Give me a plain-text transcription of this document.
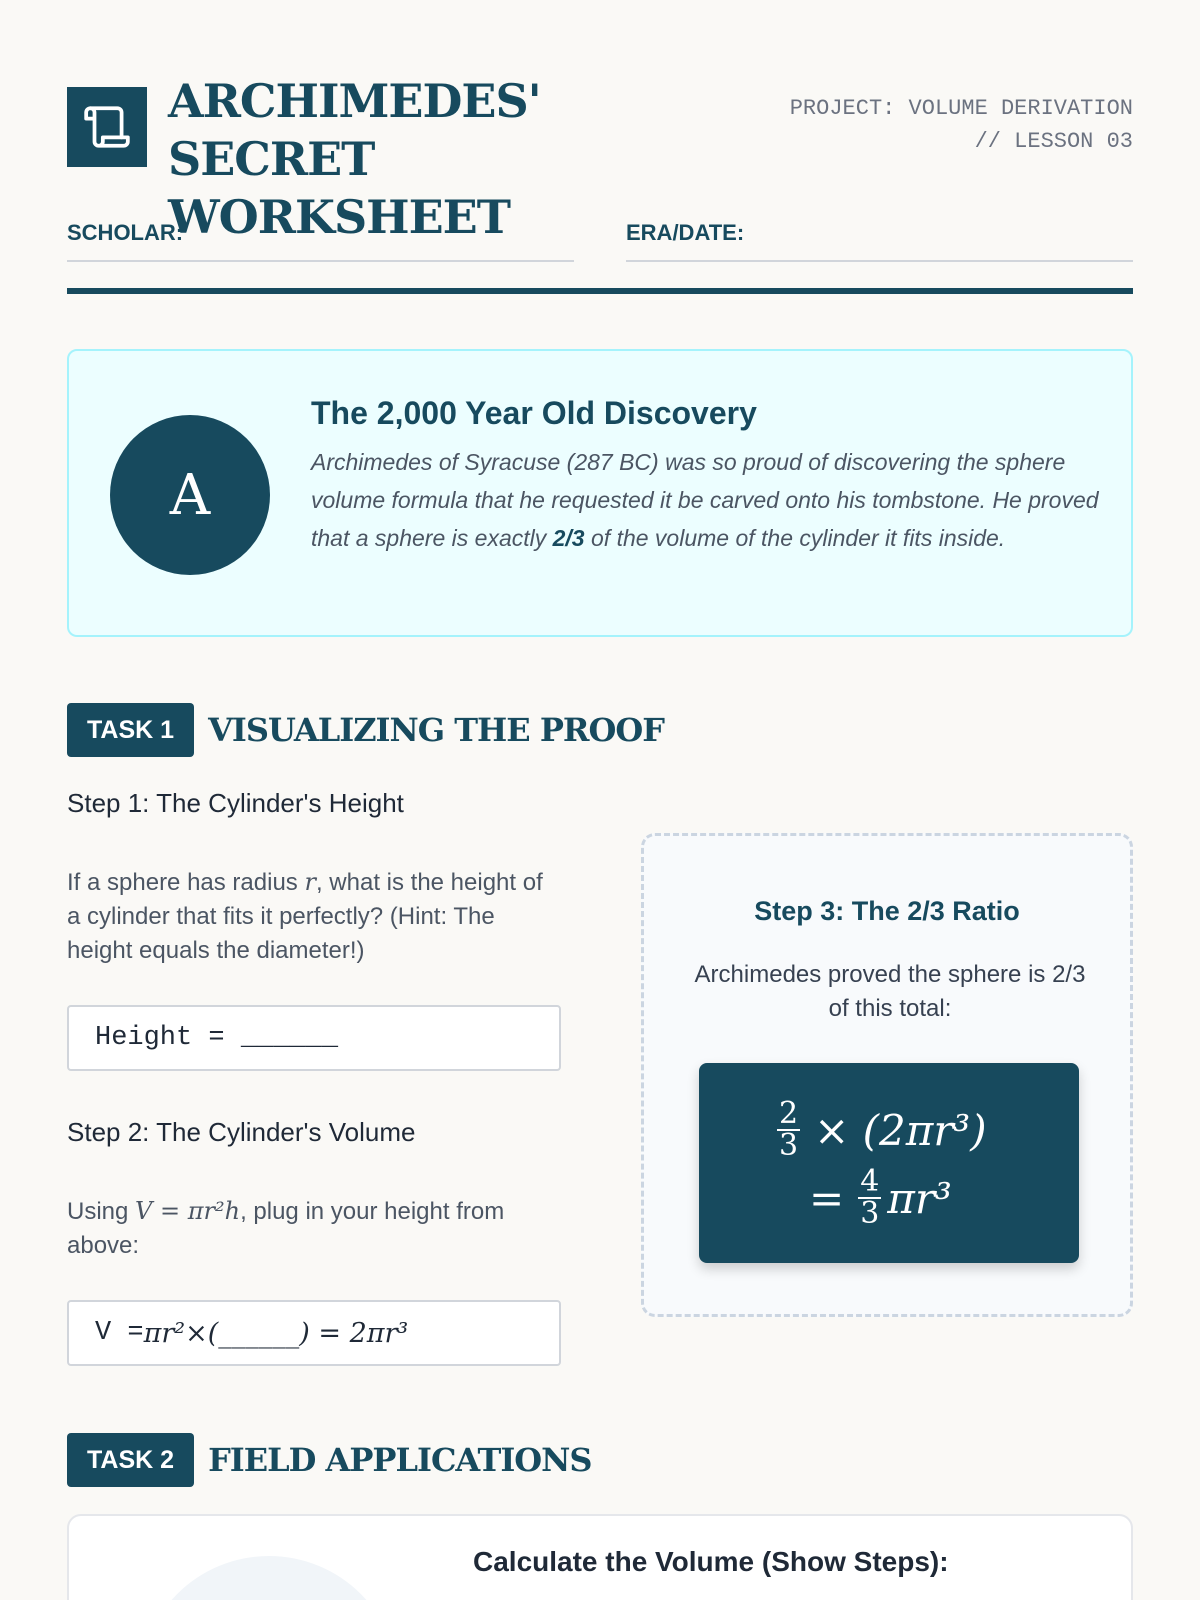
ARCHIMEDES' SECRET WORKSHEET
PROJECT: VOLUME DERIVATION
// LESSON 03
SCHOLAR:	ERA/DATE:
A
The 2,000 Year Old Discovery
Archimedes of Syracuse (287 BC) was so proud of discovering the sphere volume formula that he requested it be carved onto his tombstone. He proved that a sphere is exactly 2/3 of the volume of the cylinder it fits inside.
TASK 1	VISUALIZING THE PROOF
Step 1: The Cylinder's Height
If a sphere has radius r, what is the height of a cylinder that fits it perfectly? (Hint: The height equals the diameter!)
Height = ______
Step 2: The Cylinder's Volume
Using V = πr²h, plug in your height from above:
V = πr²×(______) = 2πr³
Step 3: The 2/3 Ratio
Archimedes proved the sphere is 2/3 of this total:
$\frac{2}{3} \times (2\pi r^3)$
= $\frac{4}{3} \pi r^3$
TASK 2	FIELD APPLICATIONS
Calculate the Volume (Show Steps):
